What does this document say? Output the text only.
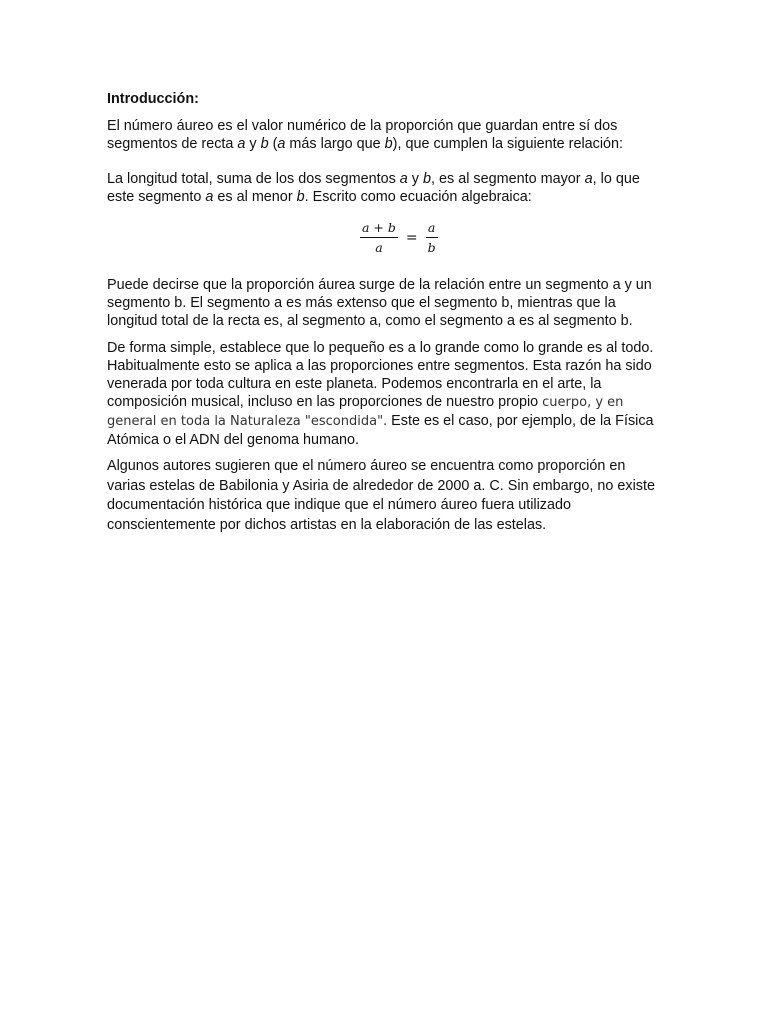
Introducción:

El número áureo es el valor numérico de la proporción que guardan entre sí dos segmentos de recta a y b (a más largo que b), que cumplen la siguiente relación:

La longitud total, suma de los dos segmentos a y b, es al segmento mayor a, lo que este segmento a es al menor b. Escrito como ecuación algebraica:

$\frac{a + b}{a} = \frac{a}{b}$

Puede decirse que la proporción áurea surge de la relación entre un segmento a y un segmento b. El segmento a es más extenso que el segmento b, mientras que la longitud total de la recta es, al segmento a, como el segmento a es al segmento b.

De forma simple, establece que lo pequeño es a lo grande como lo grande es al todo. Habitualmente esto se aplica a las proporciones entre segmentos. Esta razón ha sido venerada por toda cultura en este planeta. Podemos encontrarla en el arte, la composición musical, incluso en las proporciones de nuestro propio cuerpo, y en general en toda la Naturaleza "escondida". Este es el caso, por ejemplo, de la Física Atómica o el ADN del genoma humano.

Algunos autores sugieren que el número áureo se encuentra como proporción en varias estelas de Babilonia y Asiria de alrededor de 2000 a. C. Sin embargo, no existe documentación histórica que indique que el número áureo fuera utilizado conscientemente por dichos artistas en la elaboración de las estelas.
